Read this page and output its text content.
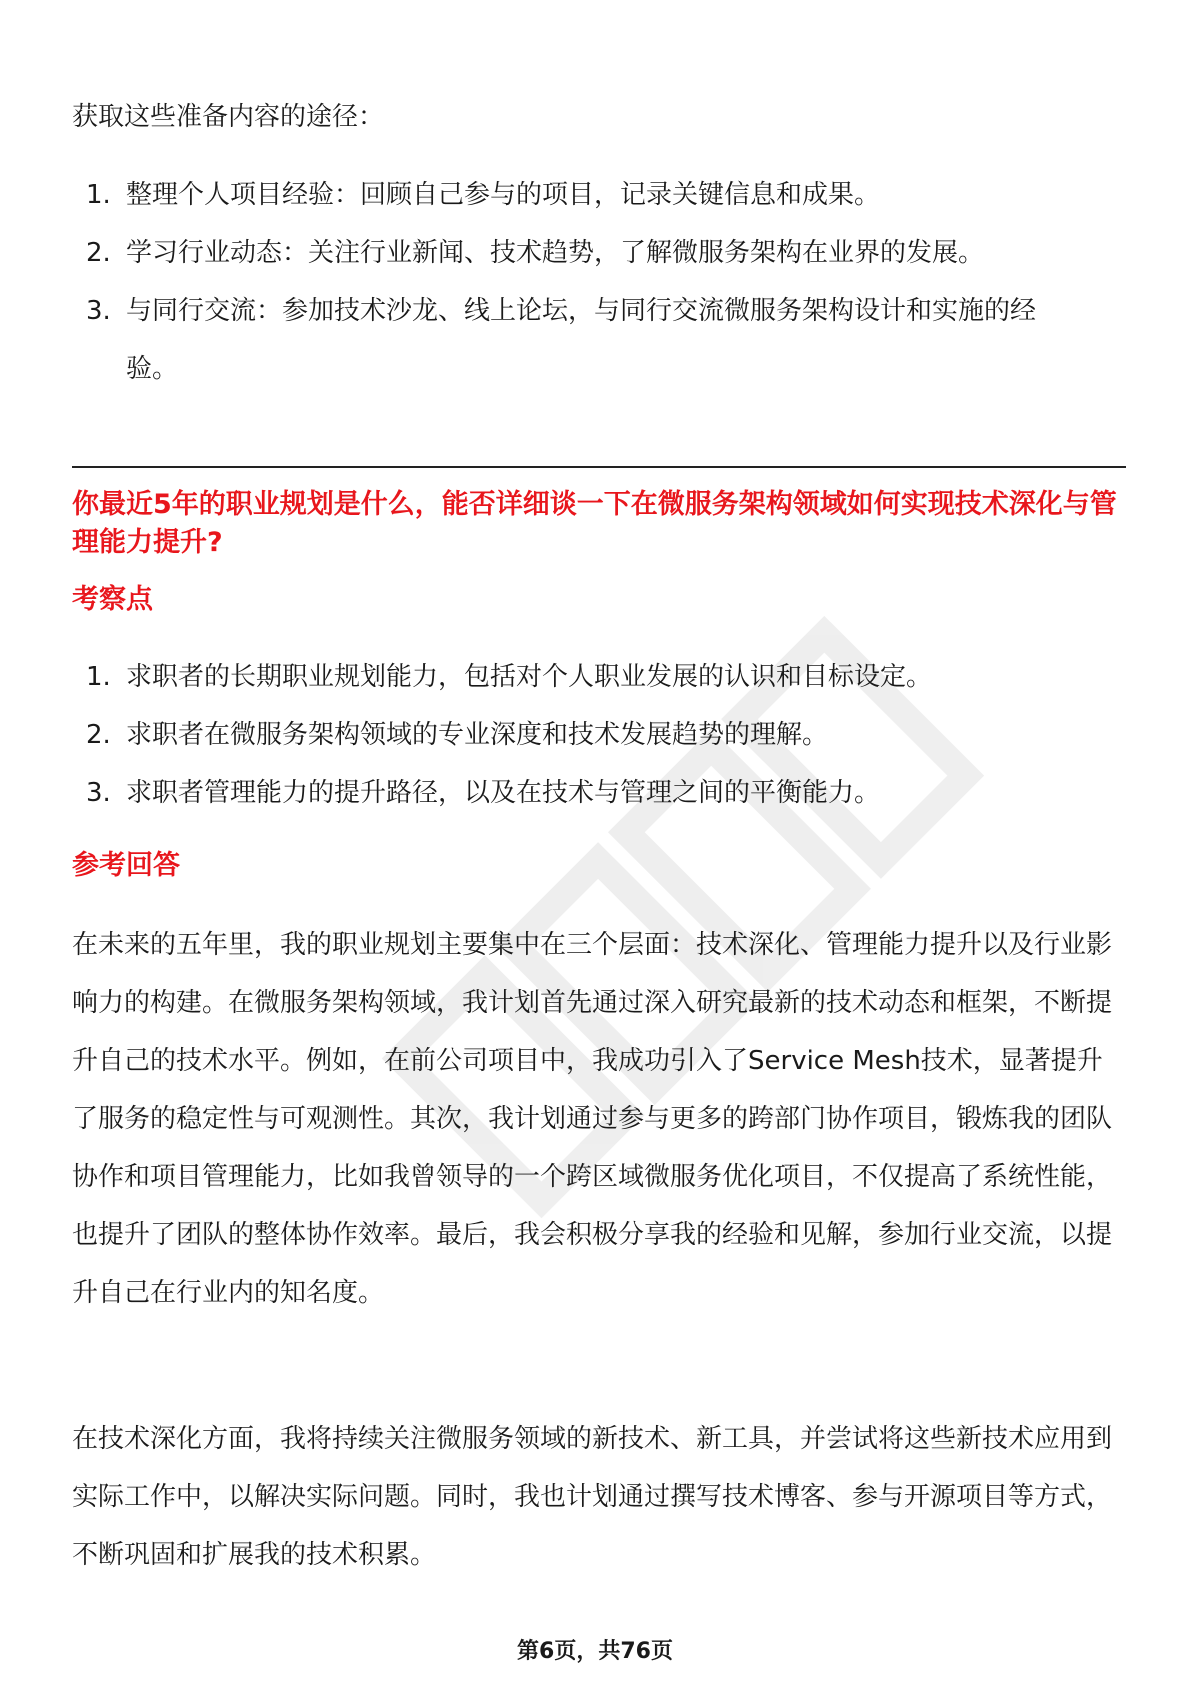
获取这些准备内容的途径：

1. 整理个人项目经验：回顾自己参与的项目，记录关键信息和成果。
2. 学习行业动态：关注行业新闻、技术趋势，了解微服务架构在业界的发展。
3. 与同行交流：参加技术沙龙、线上论坛，与同行交流微服务架构设计和实施的经验。

你最近5年的职业规划是什么，能否详细谈一下在微服务架构领域如何实现技术深化与管理能力提升?

考察点
1. 求职者的长期职业规划能力，包括对个人职业发展的认识和目标设定。
2. 求职者在微服务架构领域的专业深度和技术发展趋势的理解。
3. 求职者管理能力的提升路径，以及在技术与管理之间的平衡能力。
参考回答

在未来的五年里，我的职业规划主要集中在三个层面：技术深化、管理能力提升以及行业影响力的构建。在微服务架构领域，我计划首先通过深入研究最新的技术动态和框架，不断提升自己的技术水平。例如，在前公司项目中，我成功引入了Service Mesh技术，显著提升了服务的稳定性与可观测性。其次，我计划通过参与更多的跨部门协作项目，锻炼我的团队协作和项目管理能力，比如我曾领导的一个跨区域微服务优化项目，不仅提高了系统性能，也提升了团队的整体协作效率。最后，我会积极分享我的经验和见解，参加行业交流，以提升自己在行业内的知名度。

在技术深化方面，我将持续关注微服务领域的新技术、新工具，并尝试将这些新技术应用到实际工作中，以解决实际问题。同时，我也计划通过撰写技术博客、参与开源项目等方式，不断巩固和扩展我的技术积累。

第6页，共76页
